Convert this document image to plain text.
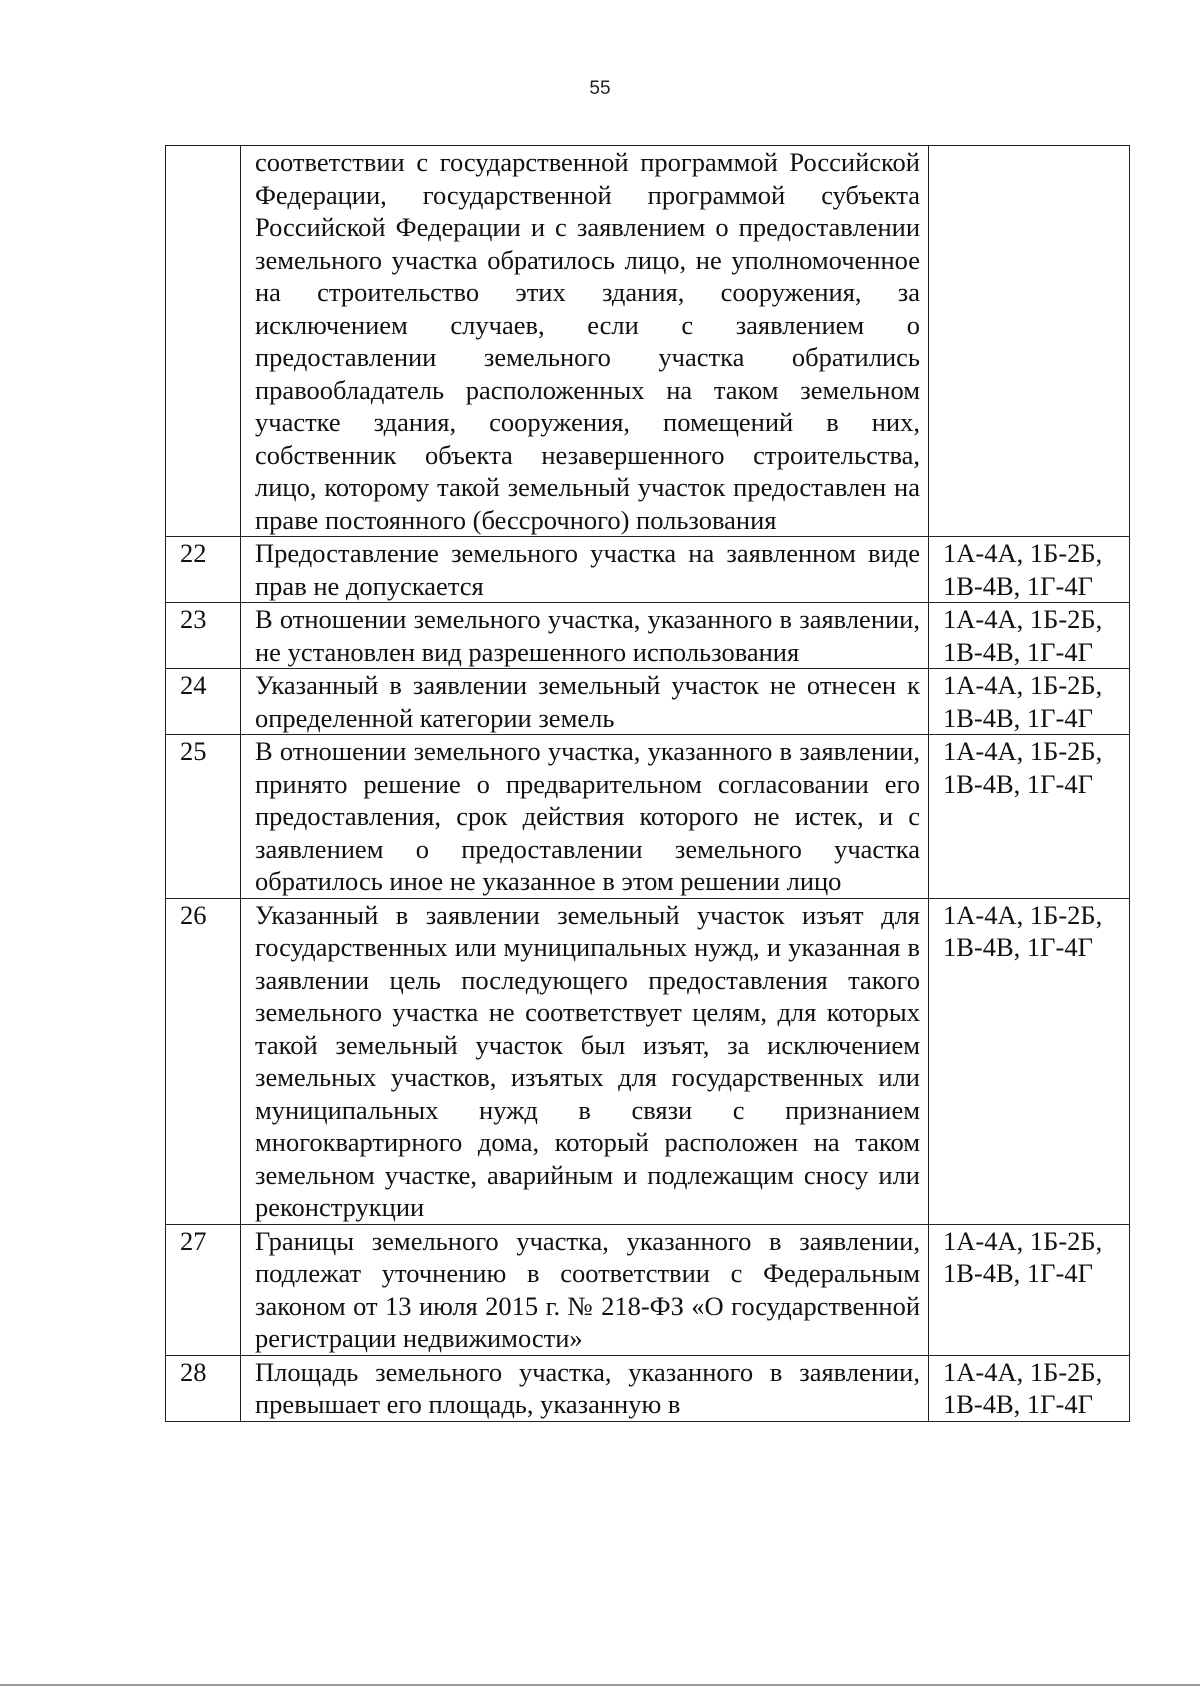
55
	соответствии с государственной программой Российской Федерации, государственной программой субъекта Российской Федерации и с заявлением о предоставлении земельного участка обратилось лицо, не уполномоченное на строительство этих здания, сооружения, за исключением случаев, если с заявлением о предоставлении земельного участка обратились правообладатель расположенных на таком земельном участке здания, сооружения, помещений в них, собственник объекта незавершенного строительства, лицо, которому такой земельный участок предоставлен на праве постоянного (бессрочного) пользования	

22	Предоставление земельного участка на заявленном виде прав не допускается	1А-4А, 1Б-2Б,
1В-4В, 1Г-4Г

23	В отношении земельного участка, указанного в заявлении, не установлен вид разрешенного использования	1А-4А, 1Б-2Б,
1В-4В, 1Г-4Г

24	Указанный в заявлении земельный участок не отнесен к определенной категории земель	1А-4А, 1Б-2Б,
1В-4В, 1Г-4Г

25	В отношении земельного участка, указанного в заявлении, принято решение о предварительном согласовании его предоставления, срок действия которого не истек, и с заявлением о предоставлении земельного участка обратилось иное не указанное в этом решении лицо	1А-4А, 1Б-2Б,
1В-4В, 1Г-4Г

26	Указанный в заявлении земельный участок изъят для государственных или муниципальных нужд, и указанная в заявлении цель последующего предоставления такого земельного участка не соответствует целям, для которых такой земельный участок был изъят, за исключением земельных участков, изъятых для государственных или муниципальных нужд в связи с признанием многоквартирного дома, который расположен на таком земельном участке, аварийным и подлежащим сносу или реконструкции	1А-4А, 1Б-2Б,
1В-4В, 1Г-4Г

27	Границы земельного участка, указанного в заявлении, подлежат уточнению в соответствии с Федеральным законом от 13 июля 2015 г. № 218-ФЗ «О государственной регистрации недвижимости»	1А-4А, 1Б-2Б,
1В-4В, 1Г-4Г

28	Площадь земельного участка, указанного в заявлении, превышает его площадь, указанную в	1А-4А, 1Б-2Б,
1В-4В, 1Г-4Г
